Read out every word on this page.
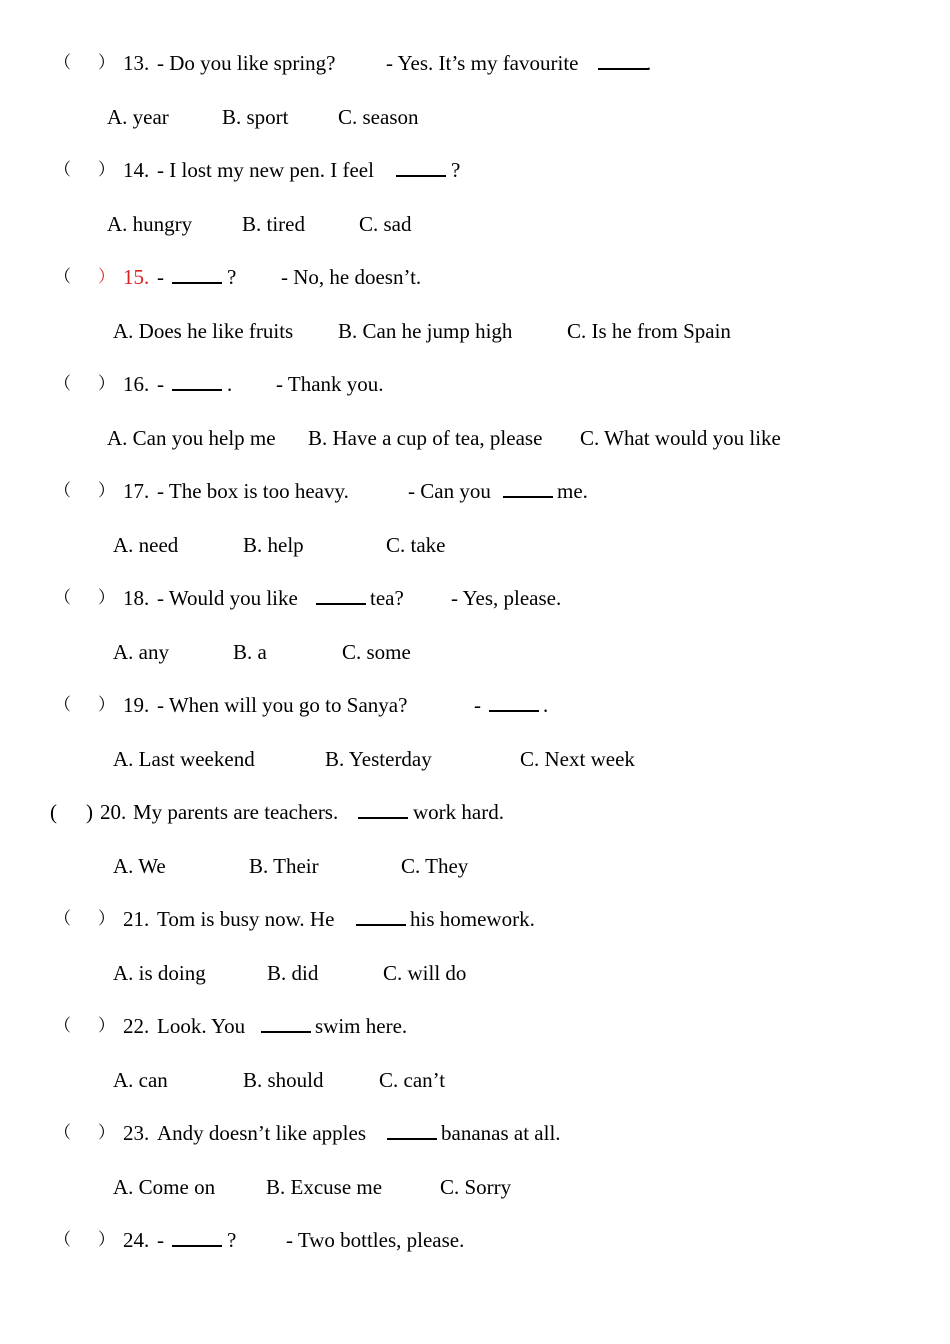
（ ） 13. - Do you like spring? - Yes. It’s my favourite	.
A. year	B. sport C. season
（ ） 14. - I lost my new pen. I feel	?
A. hungry B. tired	C. sad
（ ） 15. -	? - No, he doesn’t.
A. Does he like fruits B. Can he jump high	C. Is he from Spain
（ ） 16. -	. - Thank you.
A. Can you help me B. Have a cup of tea, please C. What would you like
（ ） 17. - The box is too heavy.	- Can you	me.
A. need	B. help	C. take
（ ） 18. - Would you like	tea? - Yes, please.
A. any	B. a	C. some
（ ） 19. - When will you go to Sanya?	-	.
A. Last weekend	B. Yesterday	C. Next week
( ) 20. My parents are teachers.	work hard.
A. We	B. Their	C. They
（ ） 21. Tom is busy now. He	his homework.
A. is doing	B. did	C. will do
（ ） 22. Look. You	swim here.
A. can	B. should	C. can’t
（ ） 23. Andy doesn’t like apples	bananas at all.
A. Come on B. Excuse me	C. Sorry
（ ） 24. -	? - Two bottles, please.
